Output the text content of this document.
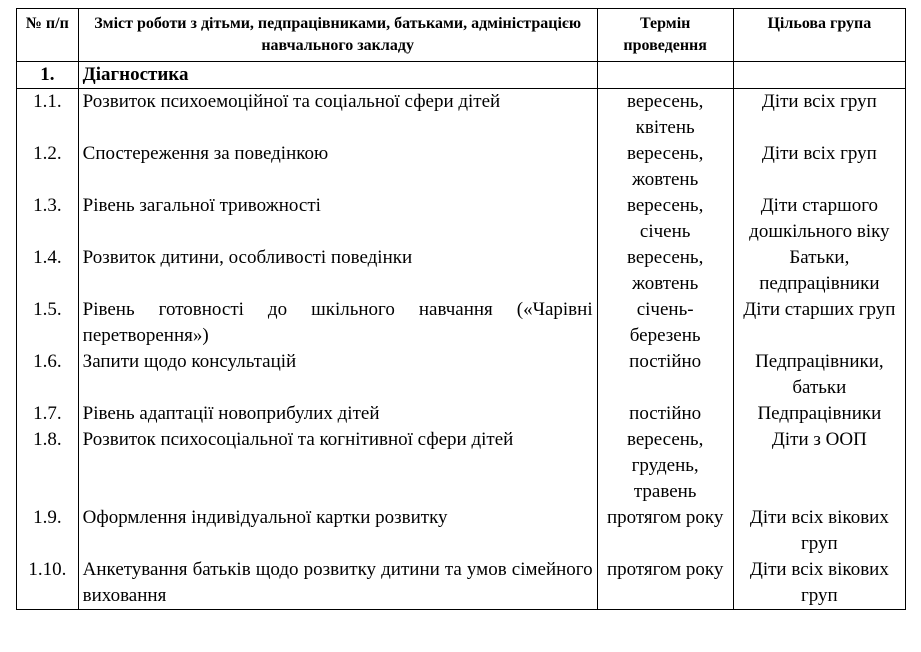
№ п/п	Зміст роботи з дітьми, педпрацівниками, батьками, адміністрацією навчального закладу	Термін проведення	Цільова група
1.	Діагностика		
1.1.	Розвиток психоемоційної та соціальної сфери дітей	вересень, квітень	Діти всіх груп
1.2.	Спостереження за поведінкою	вересень, жовтень	Діти всіх груп
1.3.	Рівень загальної тривожності	вересень, січень	Діти старшого дошкільного віку
1.4.	Розвиток дитини, особливості поведінки	вересень, жовтень	Батьки, педпрацівники
1.5.	Рівень готовності до шкільного навчання («Чарівні перетворення»)	січень-березень	Діти старших груп
1.6.	Запити щодо консультацій	постійно	Педпрацівники, батьки
1.7.	Рівень адаптації новоприбулих дітей	постійно	Педпрацівники
1.8.	Розвиток психосоціальної та когнітивної сфери дітей	вересень, грудень, травень	Діти з ООП
1.9.	Оформлення індивідуальної картки розвитку	протягом року	Діти всіх вікових груп
1.10.	Анкетування батьків щодо розвитку дитини та умов сімейного виховання	протягом року	Діти всіх вікових груп
